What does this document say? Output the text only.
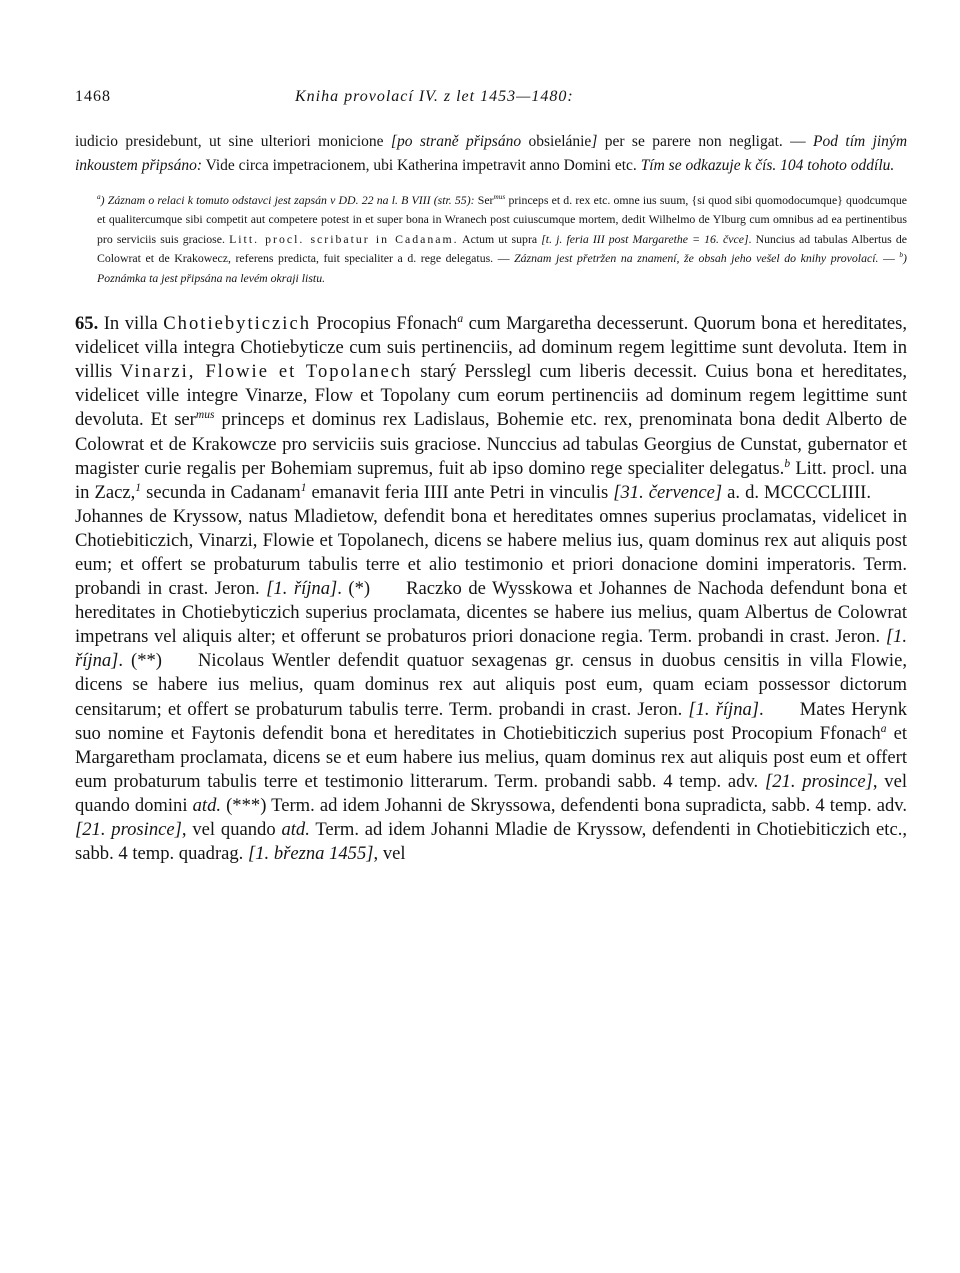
1468	Kniha provolací IV. z let 1453—1480:
iudicio presidebunt, ut sine ulteriori monicione [po straně připsáno obsielánie] per se parere non negligat. — Pod tím jiným inkoustem připsáno: Vide circa impetracionem, ubi Katherina impetravit anno Domini etc. Tím se odkazuje k čís. 104 tohoto oddílu.
$^a$) Záznam o relaci k tomuto odstavci jest zapsán v DD. 22 na l. B VIII (str. 55): Ser$^{mus}$ princeps et d. rex etc. omne ius suum, {si quod sibi quomodocumque} quodcumque et qualitercumque sibi competit aut competere potest in et super bona in Wranech post cuiuscumque mortem, dedit Wilhelmo de Ylburg cum omnibus ad ea pertinentibus pro serviciis suis graciose. Litt. procl. scribatur in Cadanam. Actum ut supra [t. j. feria III post Margarethe = 16. čvce]. Nuncius ad tabulas Albertus de Colowrat et de Krakowecz, referens predicta, fuit specialiter a d. rege delegatus. — Záznam jest přetržen na znamení, že obsah jeho vešel do knihy provolací. — $^b$) Poznámka ta jest připsána na levém okraji listu.
65. In villa Chotiebyticzich Procopius Ffonach$^a$ cum Margaretha decesserunt. Quorum bona et hereditates, videlicet villa integra Chotiebyticze cum suis pertinenciis, ad dominum regem legittime sunt devoluta. Item in villis Vinarzi, Flowie et Topolanech starý Persslegl cum liberis decessit. Cuius bona et hereditates, videlicet ville integre Vinarze, Flow et Topolany cum eorum pertinenciis ad dominum regem legittime sunt devoluta. Et ser$^{mus}$ princeps et dominus rex Ladislaus, Bohemie etc. rex, prenominata bona dedit Alberto de Colowrat et de Krakowcze pro serviciis suis graciose. Nunccius ad tabulas Georgius de Cunstat, gubernator et magister curie regalis per Bohemiam supremus, fuit ab ipso domino rege specialiter delegatus.$^b$ Litt. procl. una in Zacz,$^1$ secunda in Cadanam$^1$ emanavit feria IIII ante Petri in vinculis [31. července] a. d. MCCCCLIIII.Johannes de Kryssow, natus Mladietow, defendit bona et hereditates omnes superius proclamatas, videlicet in Chotiebiticzich, Vinarzi, Flowie et Topolanech, dicens se habere melius ius, quam dominus rex aut aliquis post eum; et offert se probaturum tabulis terre et alio testimonio et priori donacione domini imperatoris. Term. probandi in crast. Jeron. [1. října]. (*) Raczko de Wysskowa et Johannes de Nachoda defendunt bona et hereditates in Chotiebyticzich superius proclamata, dicentes se habere ius melius, quam Albertus de Colowrat impetrans vel aliquis alter; et offerunt se probaturos priori donacione regia. Term. probandi in crast. Jeron. [1. října]. (**) Nicolaus Wentler defendit quatuor sexagenas gr. census in duobus censitis in villa Flowie, dicens se habere ius melius, quam dominus rex aut aliquis post eum, quam eciam possessor dictorum censitarum; et offert se probaturum tabulis terre. Term. probandi in crast. Jeron. [1. října]. Mates Herynk suo nomine et Faytonis defendit bona et hereditates in Chotiebiticzich superius post Procopium Ffonach$^a$ et Margaretham proclamata, dicens se et eum habere ius melius, quam dominus rex aut aliquis post eum et offert eum probaturum tabulis terre et testimonio litterarum. Term. probandi sabb. 4 temp. adv. [21. prosince], vel quando domini atd. (***) Term. ad idem Johanni de Skryssowa, defendenti bona supradicta, sabb. 4 temp. adv. [21. prosince], vel quando atd. Term. ad idem Johanni Mladie de Kryssow, defendenti in Chotiebiticzich etc., sabb. 4 temp. quadrag. [1. března 1455], vel
